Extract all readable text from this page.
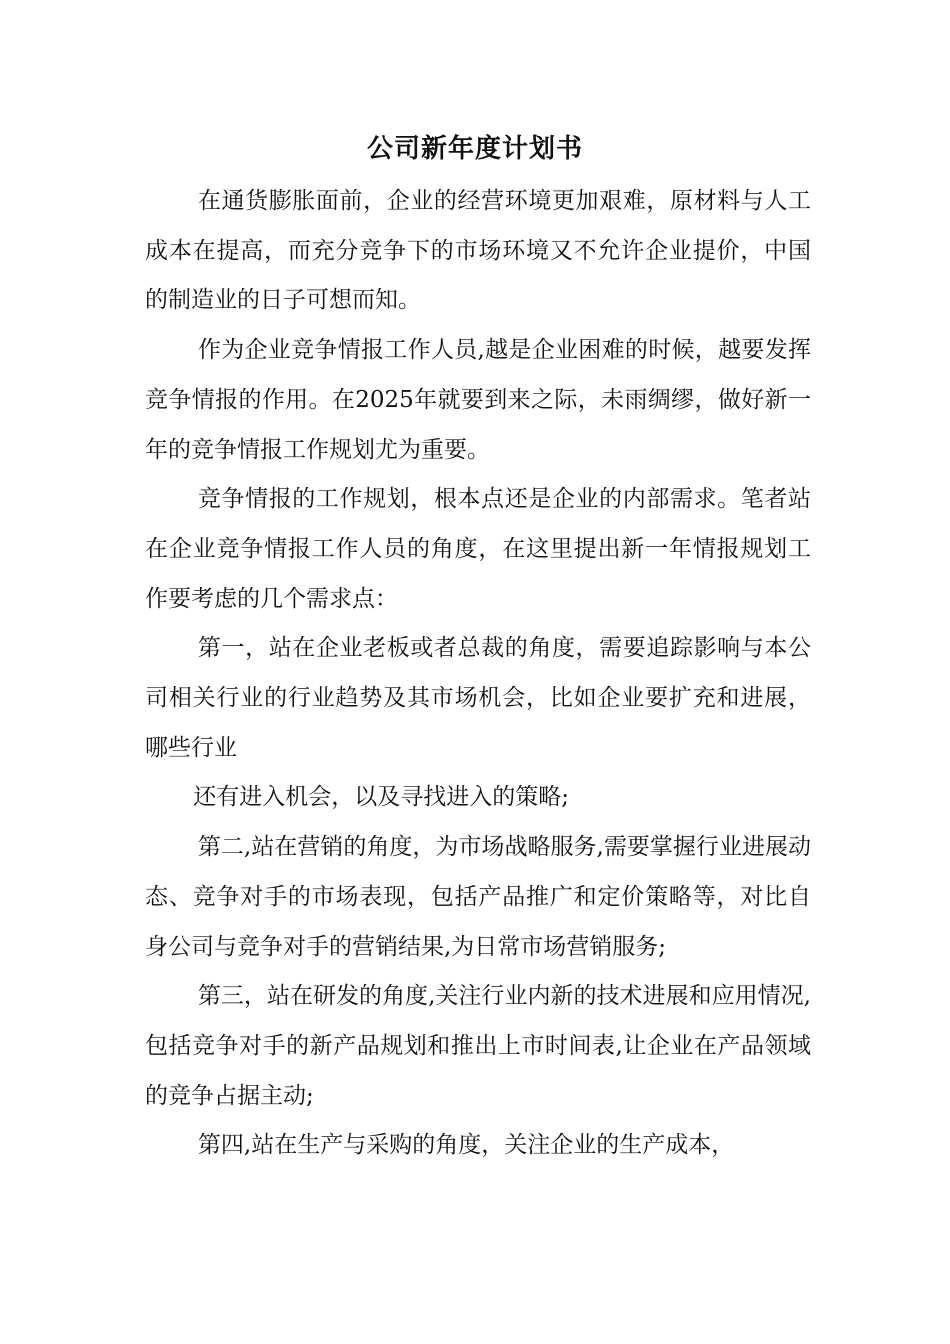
公司新年度计划书

在通货膨胀面前，企业的经营环境更加艰难，原材料与人工成本在提高，而充分竞争下的市场环境又不允许企业提价，中国的制造业的日子可想而知。

作为企业竞争情报工作人员,越是企业困难的时候，越要发挥竞争情报的作用。在2025年就要到来之际，未雨绸缪，做好新一年的竞争情报工作规划尤为重要。

竞争情报的工作规划，根本点还是企业的内部需求。笔者站在企业竞争情报工作人员的角度，在这里提出新一年情报规划工作要考虑的几个需求点：

第一，站在企业老板或者总裁的角度，需要追踪影响与本公司相关行业的行业趋势及其市场机会，比如企业要扩充和进展，哪些行业

还有进入机会，以及寻找进入的策略;

第二,站在营销的角度，为市场战略服务,需要掌握行业进展动态、竞争对手的市场表现，包括产品推广和定价策略等，对比自身公司与竞争对手的营销结果,为日常市场营销服务;

第三，站在研发的角度,关注行业内新的技术进展和应用情况,包括竞争对手的新产品规划和推出上市时间表,让企业在产品领域的竞争占据主动;

第四,站在生产与采购的角度，关注企业的生产成本，
